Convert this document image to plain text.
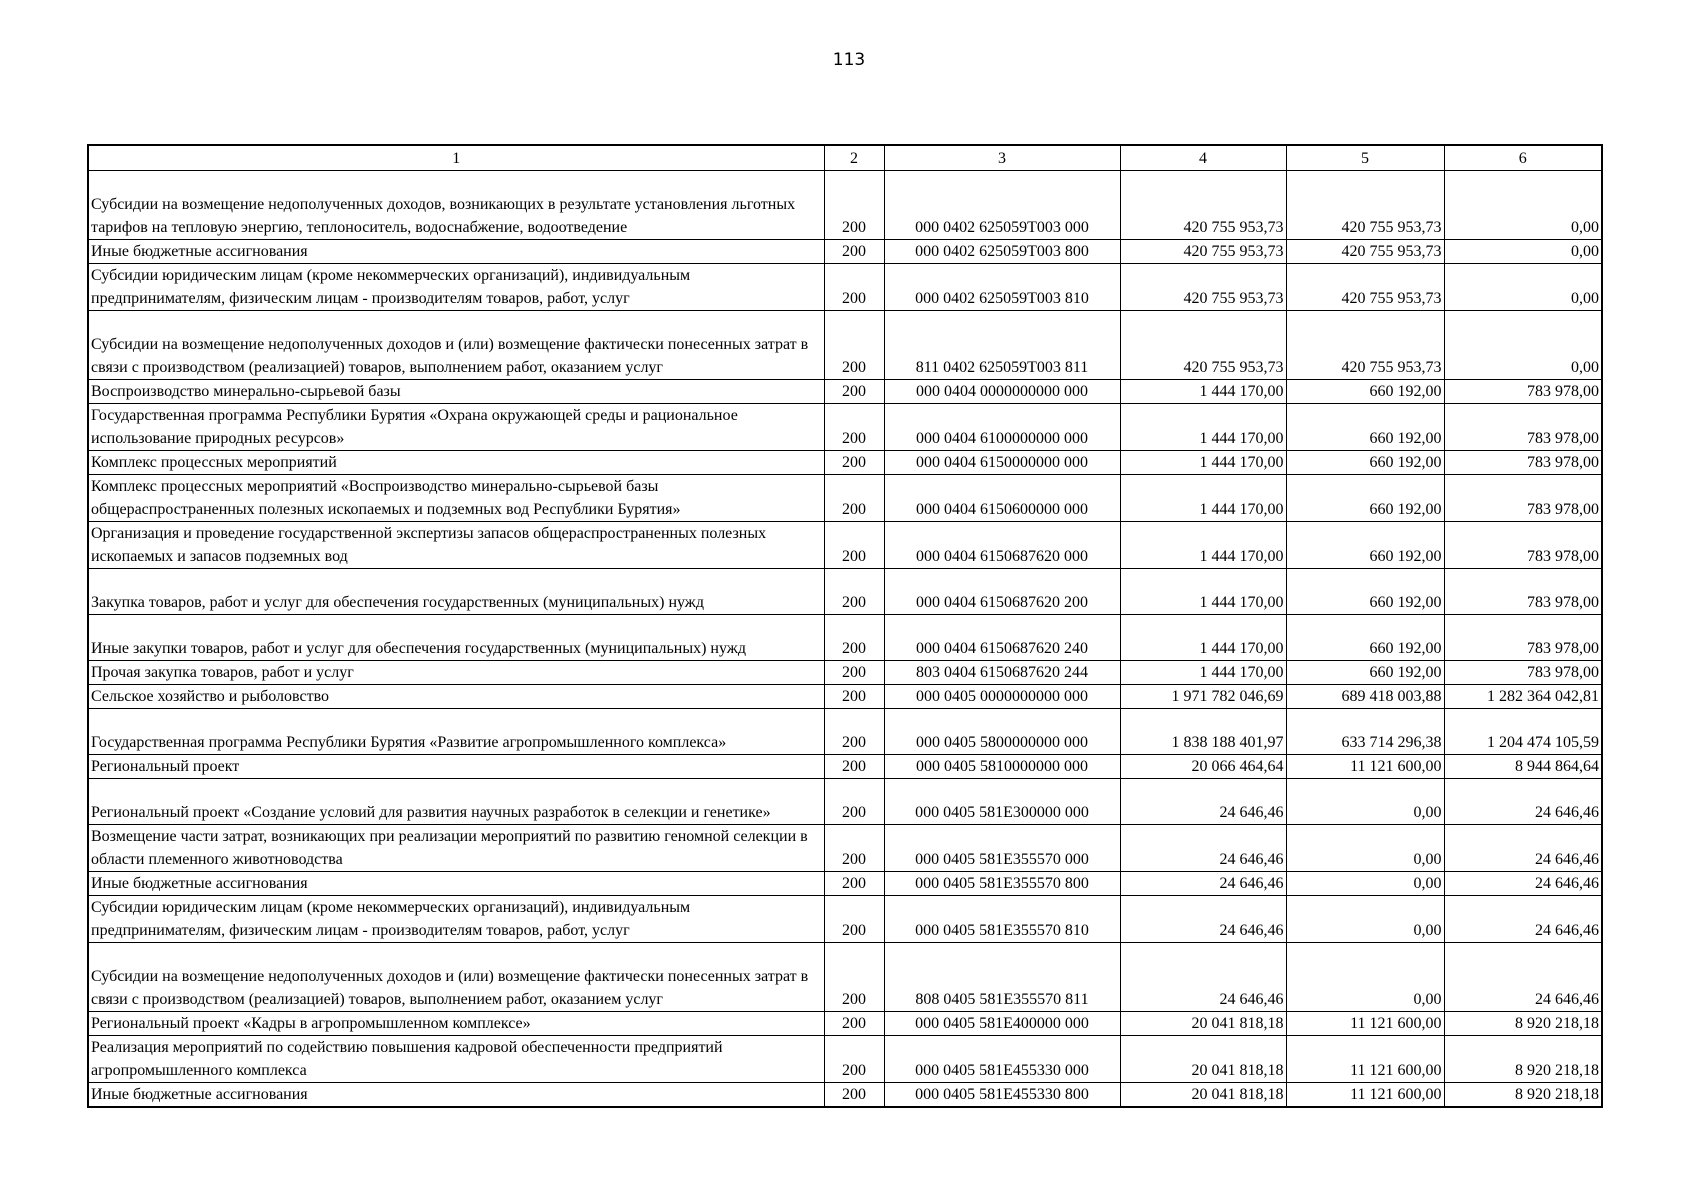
113
1	2	3	4	5	6
Субсидии на возмещение недополученных доходов, возникающих в результате установления льготных тарифов на тепловую энергию, теплоноситель, водоснабжение, водоотведение	200	000 0402 625059Т003 000	420 755 953,73	420 755 953,73	0,00
Иные бюджетные ассигнования	200	000 0402 625059Т003 800	420 755 953,73	420 755 953,73	0,00
Субсидии юридическим лицам (кроме некоммерческих организаций), индивидуальным предпринимателям, физическим лицам - производителям товаров, работ, услуг	200	000 0402 625059Т003 810	420 755 953,73	420 755 953,73	0,00
Субсидии на возмещение недополученных доходов и (или) возмещение фактически понесенных затрат в связи с производством (реализацией) товаров, выполнением работ, оказанием услуг	200	811 0402 625059Т003 811	420 755 953,73	420 755 953,73	0,00
Воспроизводство минерально-сырьевой базы	200	000 0404 0000000000 000	1 444 170,00	660 192,00	783 978,00
Государственная программа Республики Бурятия «Охрана окружающей среды и рациональное использование природных ресурсов»	200	000 0404 6100000000 000	1 444 170,00	660 192,00	783 978,00
Комплекс процессных мероприятий	200	000 0404 6150000000 000	1 444 170,00	660 192,00	783 978,00
Комплекс процессных мероприятий «Воспроизводство минерально-сырьевой базы общераспространенных полезных ископаемых и подземных вод Республики Бурятия»	200	000 0404 6150600000 000	1 444 170,00	660 192,00	783 978,00
Организация и проведение государственной экспертизы запасов общераспространенных полезных ископаемых и запасов подземных вод	200	000 0404 6150687620 000	1 444 170,00	660 192,00	783 978,00
Закупка товаров, работ и услуг для обеспечения государственных (муниципальных) нужд	200	000 0404 6150687620 200	1 444 170,00	660 192,00	783 978,00
Иные закупки товаров, работ и услуг для обеспечения государственных (муниципальных) нужд	200	000 0404 6150687620 240	1 444 170,00	660 192,00	783 978,00
Прочая закупка товаров, работ и услуг	200	803 0404 6150687620 244	1 444 170,00	660 192,00	783 978,00
Сельское хозяйство и рыболовство	200	000 0405 0000000000 000	1 971 782 046,69	689 418 003,88	1 282 364 042,81
Государственная программа Республики Бурятия «Развитие агропромышленного комплекса»	200	000 0405 5800000000 000	1 838 188 401,97	633 714 296,38	1 204 474 105,59
Региональный проект	200	000 0405 5810000000 000	20 066 464,64	11 121 600,00	8 944 864,64
Региональный проект «Создание условий для развития научных разработок в селекции и генетике»	200	000 0405 581Е300000 000	24 646,46	0,00	24 646,46
Возмещение части затрат, возникающих при реализации мероприятий по развитию геномной селекции в области племенного животноводства	200	000 0405 581Е355570 000	24 646,46	0,00	24 646,46
Иные бюджетные ассигнования	200	000 0405 581Е355570 800	24 646,46	0,00	24 646,46
Субсидии юридическим лицам (кроме некоммерческих организаций), индивидуальным предпринимателям, физическим лицам - производителям товаров, работ, услуг	200	000 0405 581Е355570 810	24 646,46	0,00	24 646,46
Субсидии на возмещение недополученных доходов и (или) возмещение фактически понесенных затрат в связи с производством (реализацией) товаров, выполнением работ, оказанием услуг	200	808 0405 581Е355570 811	24 646,46	0,00	24 646,46
Региональный проект «Кадры в агропромышленном комплексе»	200	000 0405 581Е400000 000	20 041 818,18	11 121 600,00	8 920 218,18
Реализация мероприятий по содействию повышения кадровой обеспеченности предприятий агропромышленного комплекса	200	000 0405 581Е455330 000	20 041 818,18	11 121 600,00	8 920 218,18
Иные бюджетные ассигнования	200	000 0405 581Е455330 800	20 041 818,18	11 121 600,00	8 920 218,18
